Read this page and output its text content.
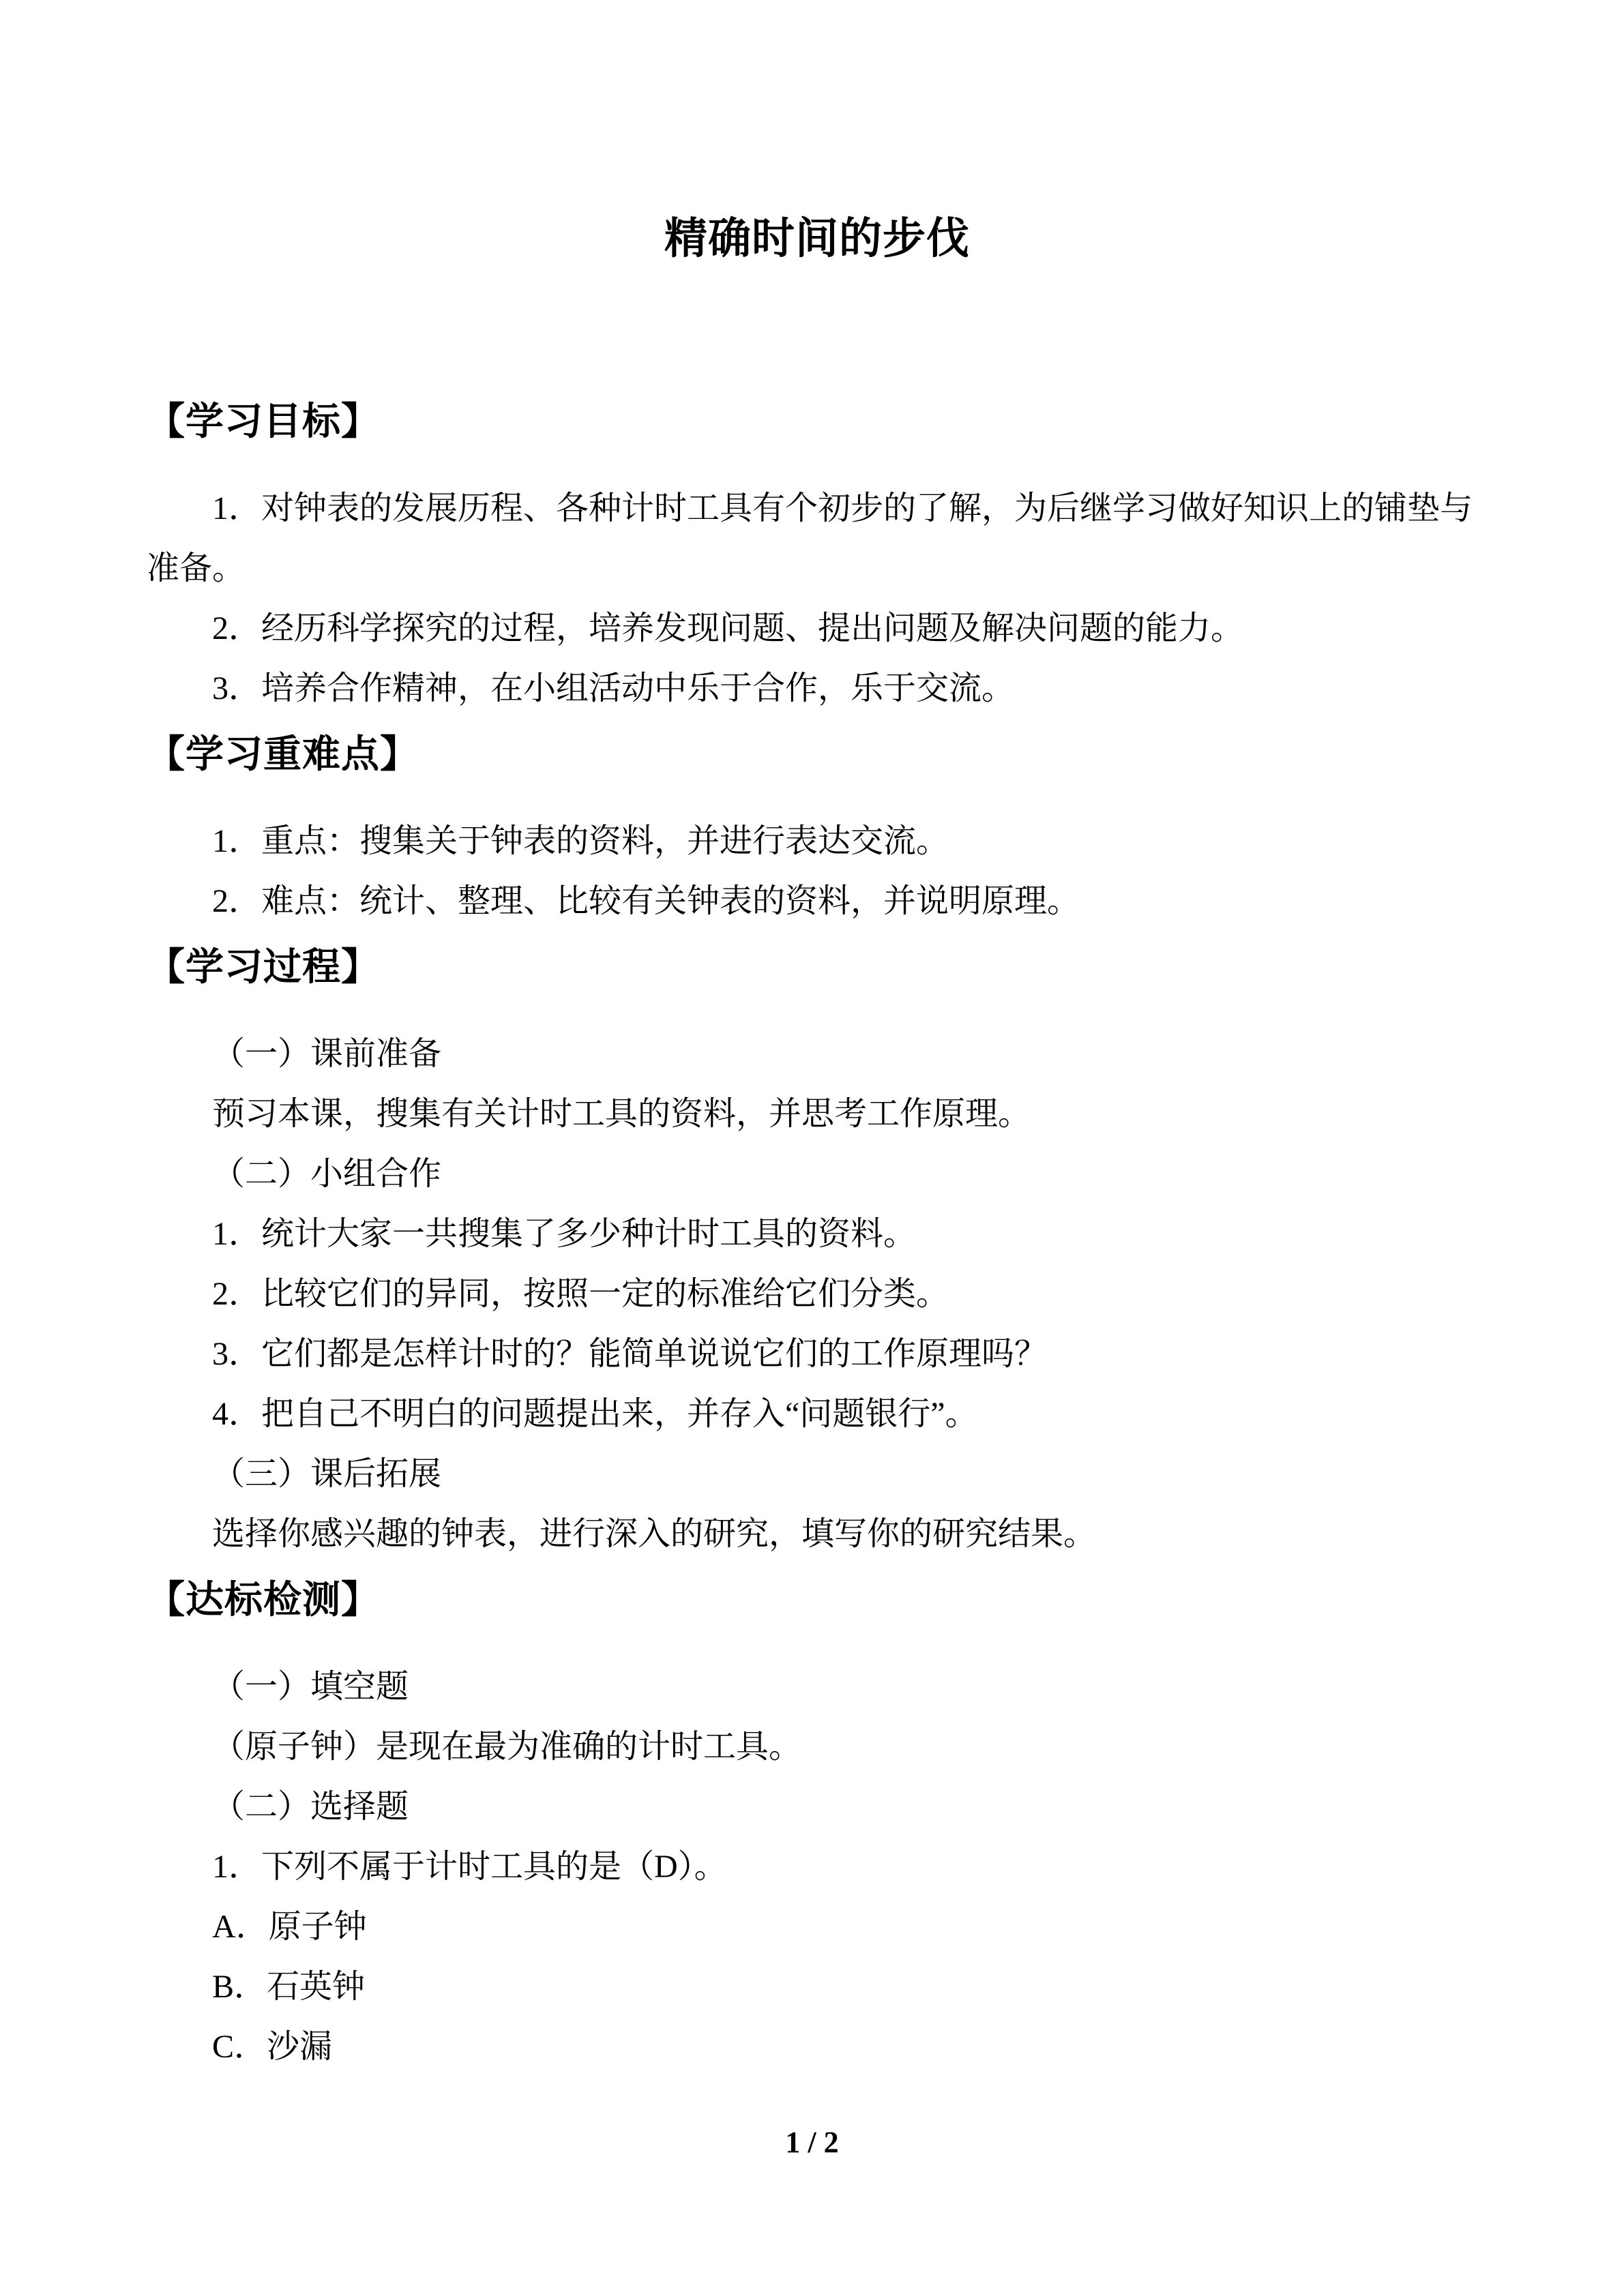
精确时间的步伐
【学习目标】

1．对钟表的发展历程、各种计时工具有个初步的了解，为后继学习做好知识上的铺垫与

准备。

2．经历科学探究的过程，培养发现问题、提出问题及解决问题的能力。

3．培养合作精神，在小组活动中乐于合作，乐于交流。

【学习重难点】

1．重点：搜集关于钟表的资料，并进行表达交流。

2．难点：统计、整理、比较有关钟表的资料，并说明原理。

【学习过程】

（一）课前准备

预习本课，搜集有关计时工具的资料，并思考工作原理。

（二）小组合作

1．统计大家一共搜集了多少种计时工具的资料。

2．比较它们的异同，按照一定的标准给它们分类。

3．它们都是怎样计时的？能简单说说它们的工作原理吗？

4．把自己不明白的问题提出来，并存入“问题银行”。

（三）课后拓展

选择你感兴趣的钟表，进行深入的研究，填写你的研究结果。

【达标检测】

（一）填空题

（原子钟）是现在最为准确的计时工具。

（二）选择题

1．下列不属于计时工具的是（D）。

A．原子钟

B．石英钟

C．沙漏

1 / 2
